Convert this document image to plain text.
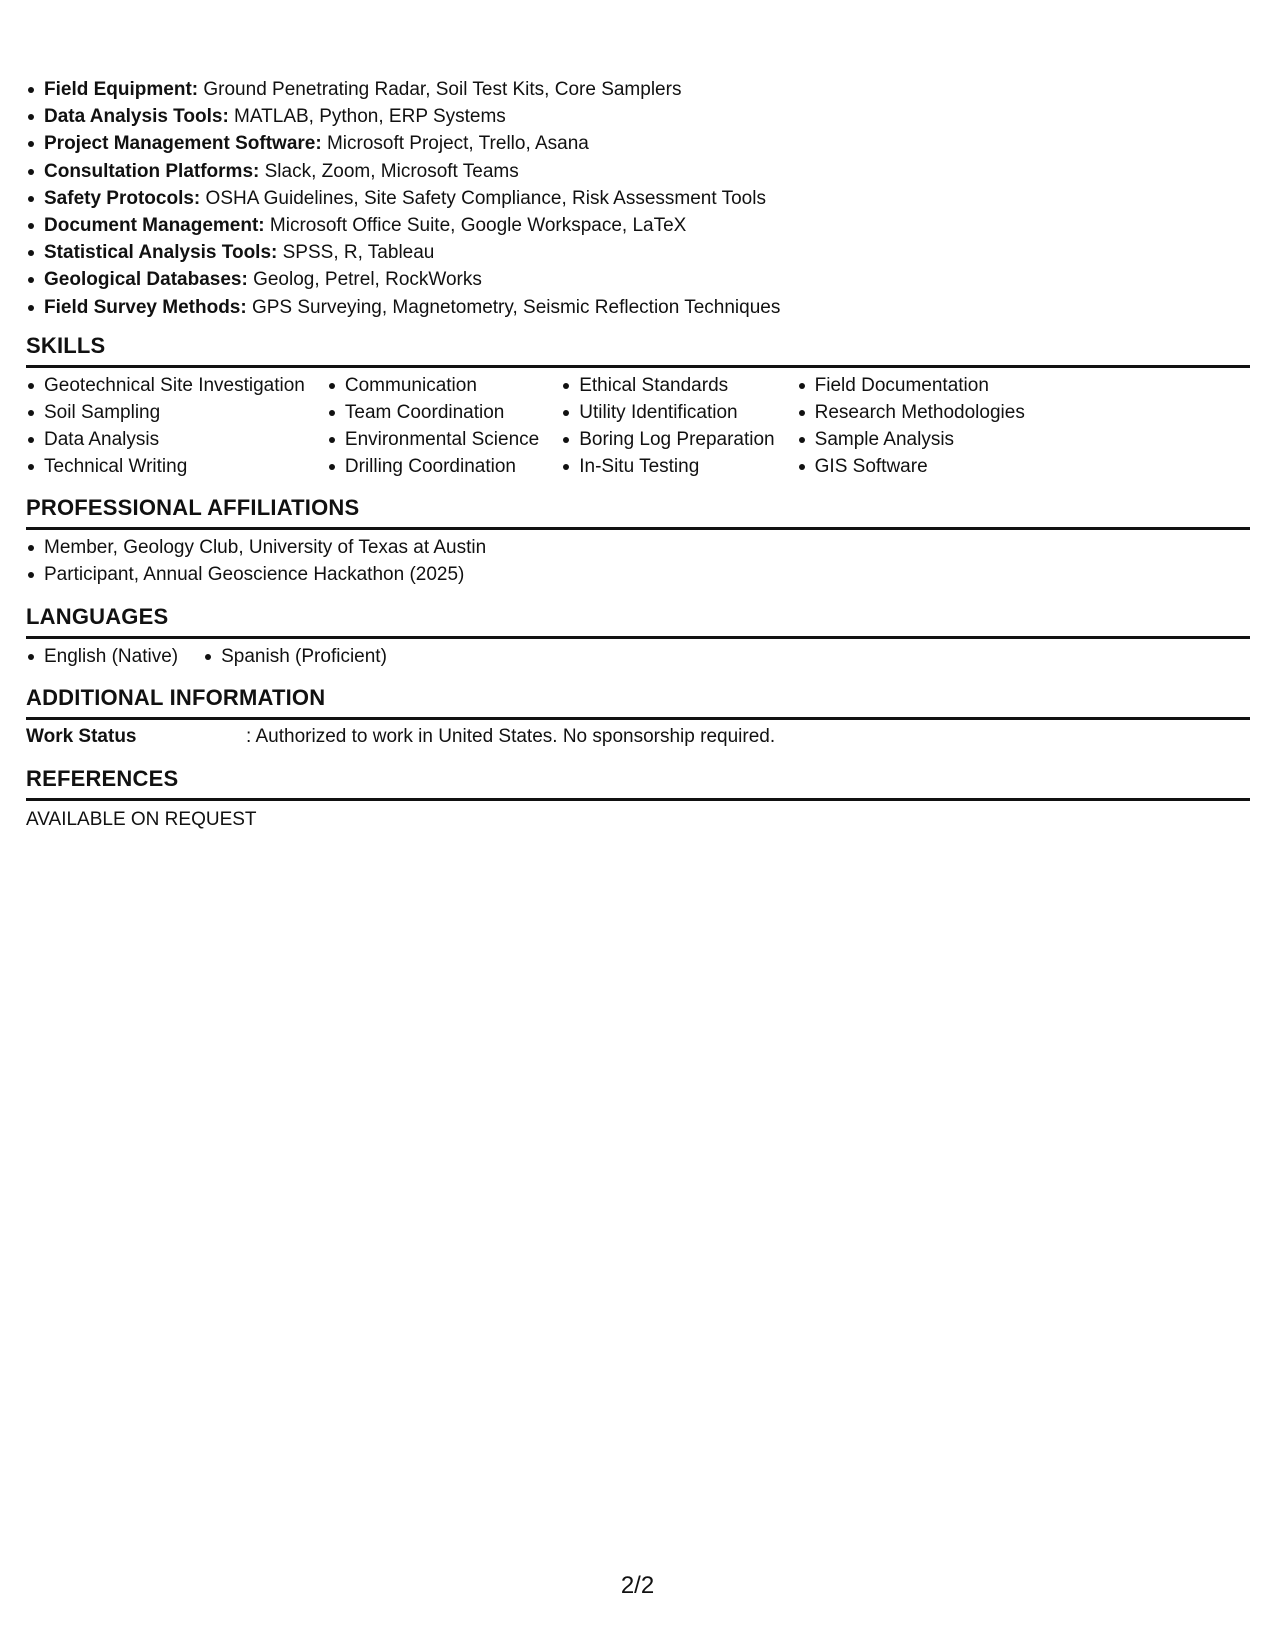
Field Equipment: Ground Penetrating Radar, Soil Test Kits, Core Samplers
Data Analysis Tools: MATLAB, Python, ERP Systems
Project Management Software: Microsoft Project, Trello, Asana
Consultation Platforms: Slack, Zoom, Microsoft Teams
Safety Protocols: OSHA Guidelines, Site Safety Compliance, Risk Assessment Tools
Document Management: Microsoft Office Suite, Google Workspace, LaTeX
Statistical Analysis Tools: SPSS, R, Tableau
Geological Databases: Geolog, Petrel, RockWorks
Field Survey Methods: GPS Surveying, Magnetometry, Seismic Reflection Techniques
SKILLS
Geotechnical Site Investigation
Soil Sampling
Data Analysis
Technical Writing
Communication
Team Coordination
Environmental Science
Drilling Coordination
Ethical Standards
Utility Identification
Boring Log Preparation
In-Situ Testing
Field Documentation
Research Methodologies
Sample Analysis
GIS Software
PROFESSIONAL AFFILIATIONS
Member, Geology Club, University of Texas at Austin
Participant, Annual Geoscience Hackathon (2025)
LANGUAGES
English (Native)	Spanish (Proficient)
ADDITIONAL INFORMATION
Work Status	: Authorized to work in United States. No sponsorship required.
REFERENCES
AVAILABLE ON REQUEST
2/2
